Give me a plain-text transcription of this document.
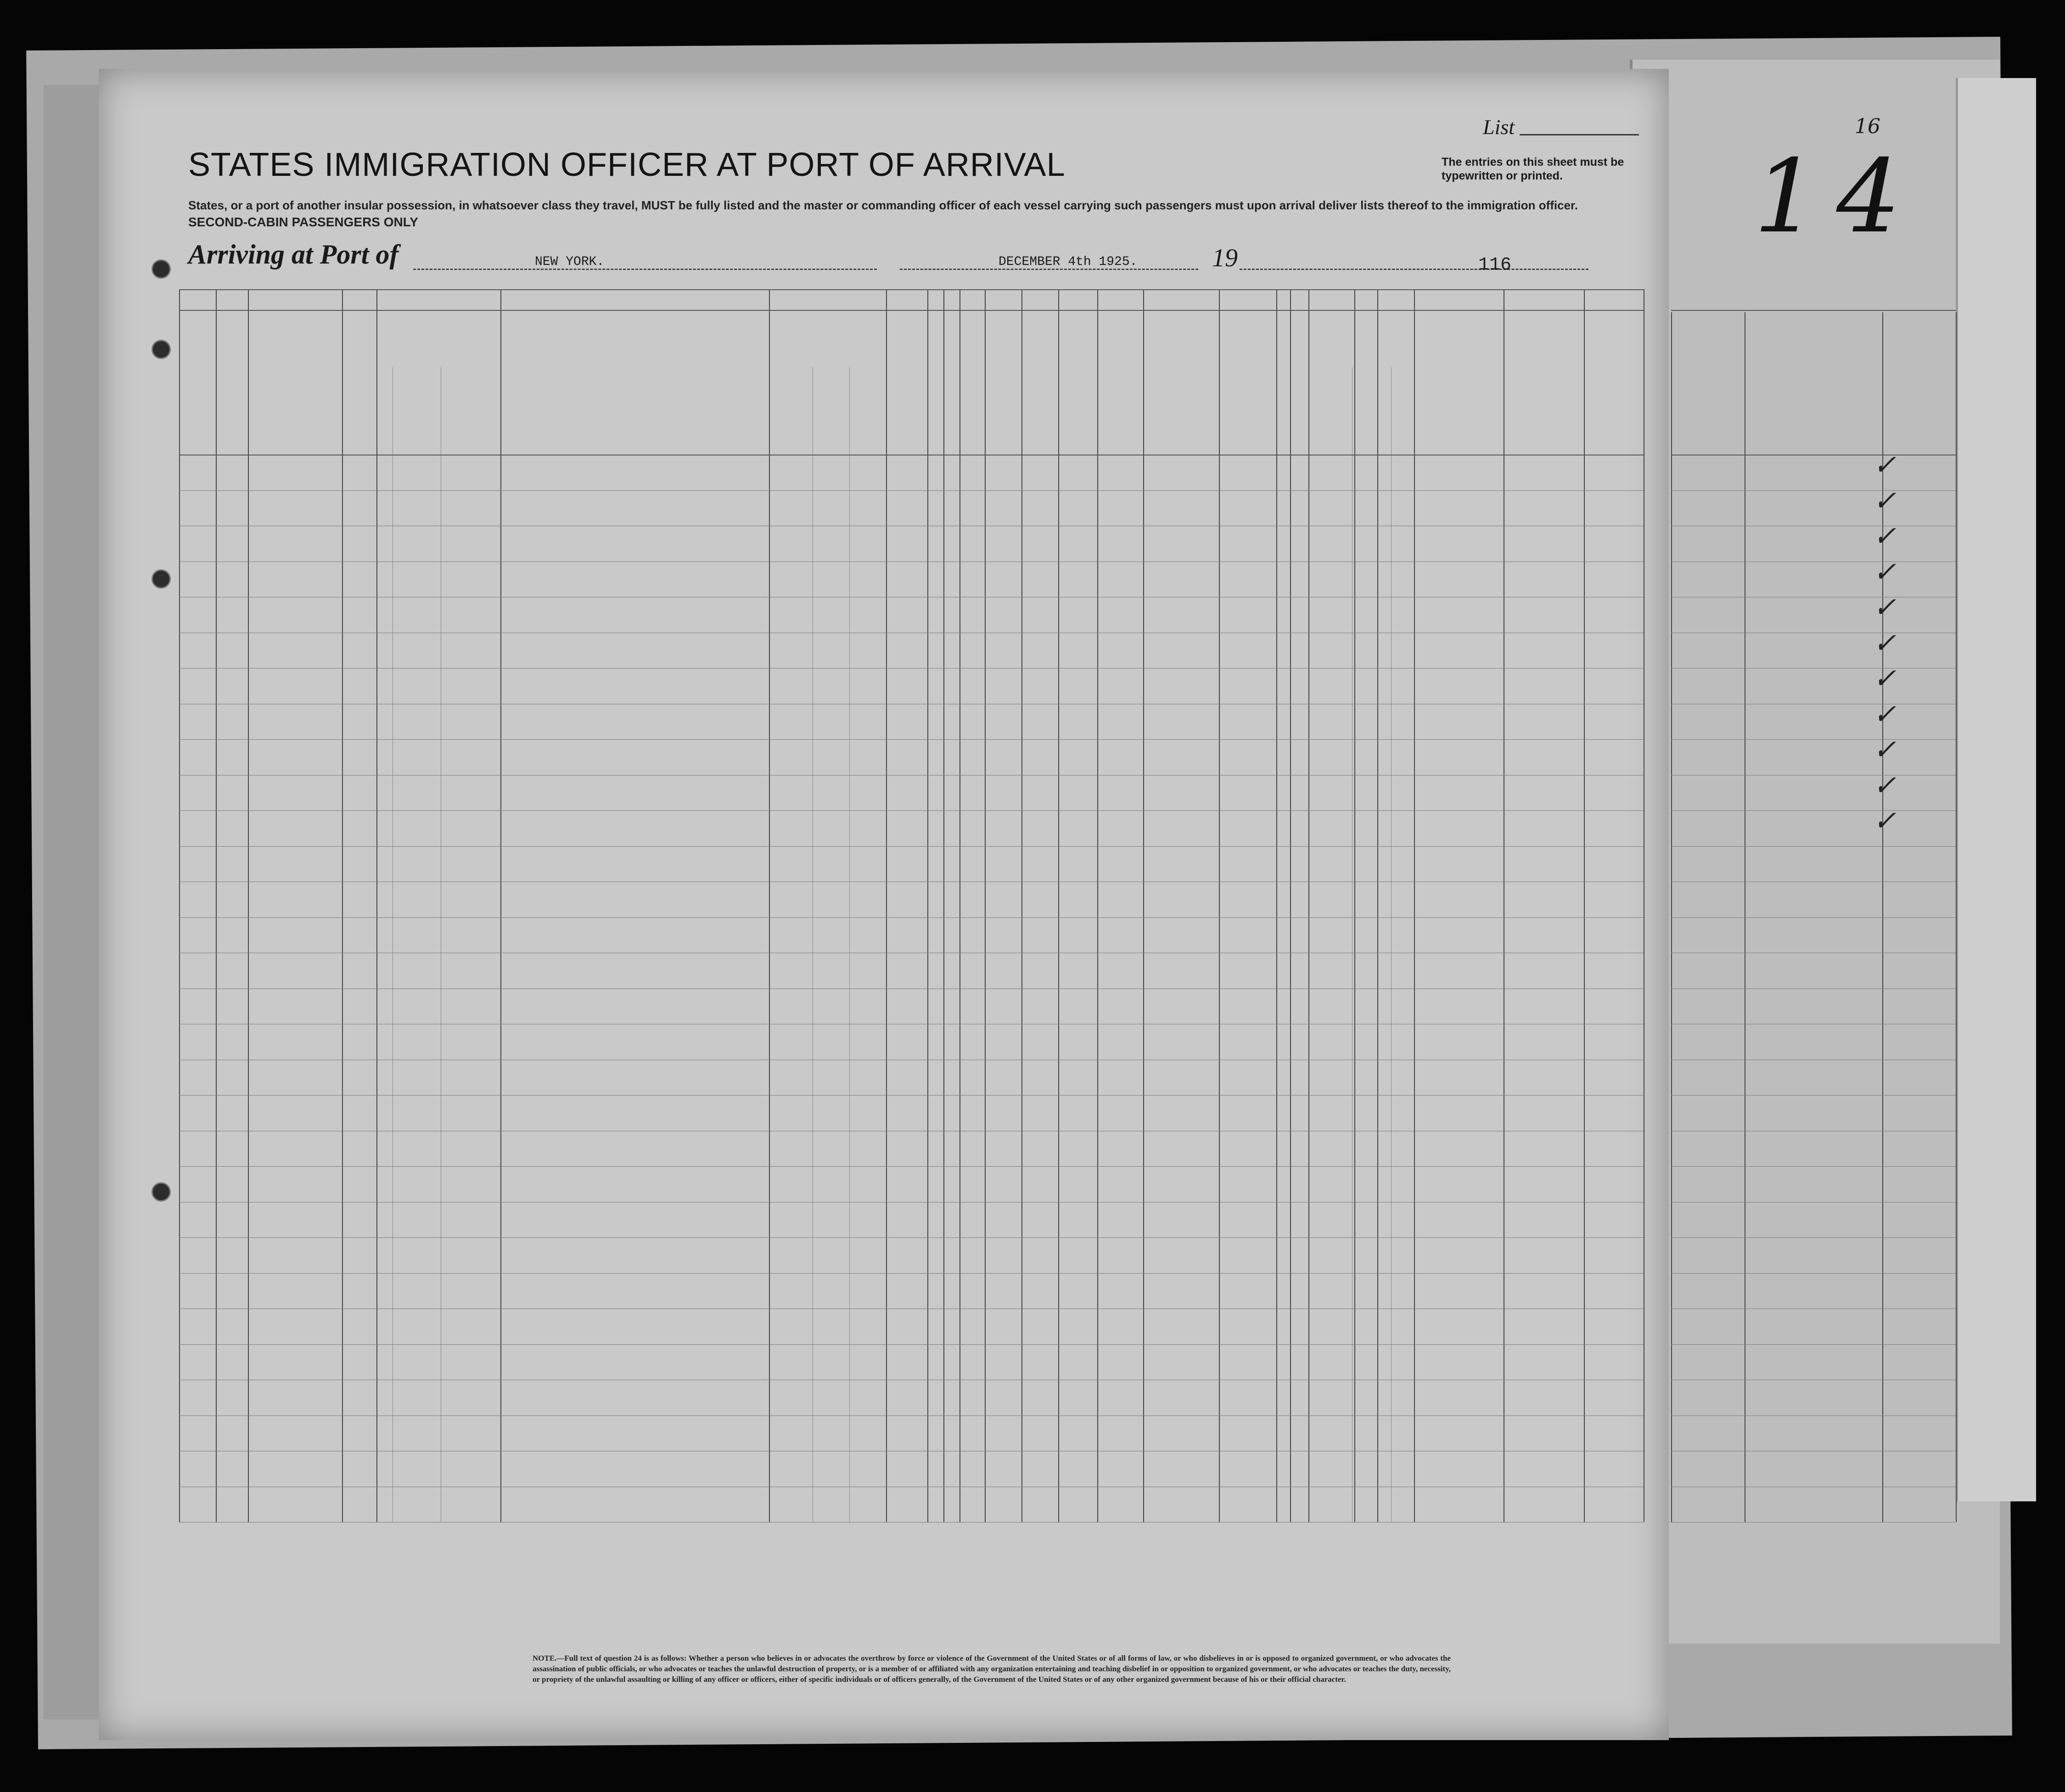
STATES IMMIGRATION OFFICER AT PORT OF ARRIVAL
States, or a port of another insular possession, in whatsoever class they travel, MUST be fully listed and the master or commanding officer of each vessel carrying such passengers must upon arrival deliver lists thereof to the immigration officer.
SECOND-CABIN PASSENGERS ONLY
List
The entries on this sheet must be typewritten or printed.	14
16
Arriving at Port of	NEW YORK.	DECEMBER 4th 1925.	19	116
NOTE.—Full text of question 24 is as follows: Whether a person who believes in or advocates the overthrow by force or violence of the Government of the United States or of all forms of law, or who disbelieves in or is opposed to organized government, or who advocates the assassination of public officials, or who advocates or teaches the unlawful destruction of property, or is a member of or affiliated with any organization entertaining and teaching disbelief in or opposition to organized government, or who advocates or teaches the duty, necessity, or propriety of the unlawful assaulting or killing of any officer or officers, either of specific individuals or of officers generally, of the Government of the United States or of any other organized government because of his or their official character.
✓
✓
✓
✓
✓
✓
✓
✓
✓
✓
✓
